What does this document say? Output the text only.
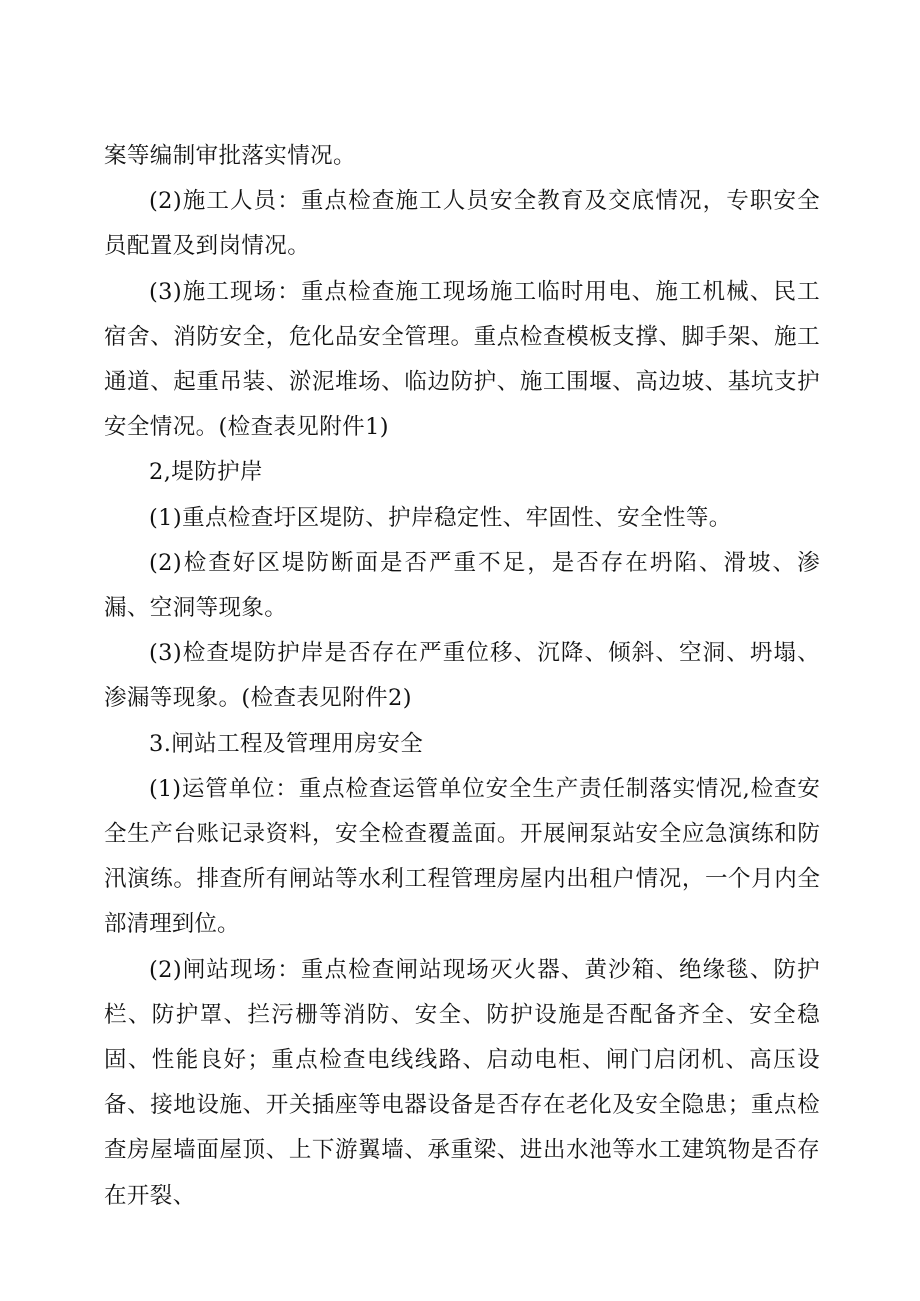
案等编制审批落实情况。

(2)施工人员：重点检查施工人员安全教育及交底情况，专职安全员配置及到岗情况。

(3)施工现场：重点检查施工现场施工临时用电、施工机械、民工宿舍、消防安全，危化品安全管理。重点检查模板支撑、脚手架、施工通道、起重吊装、淤泥堆场、临边防护、施工围堰、高边坡、基坑支护安全情况。(检查表见附件1)

2,堤防护岸

(1)重点检查圩区堤防、护岸稳定性、牢固性、安全性等。

(2)检查好区堤防断面是否严重不足，是否存在坍陷、滑坡、渗漏、空洞等现象。

(3)检查堤防护岸是否存在严重位移、沉降、倾斜、空洞、坍塌、渗漏等现象。(检查表见附件2)

3.闸站工程及管理用房安全

(1)运管单位：重点检查运管单位安全生产责任制落实情况,检查安全生产台账记录资料，安全检查覆盖面。开展闸泵站安全应急演练和防汛演练。排查所有闸站等水利工程管理房屋内出租户情况，一个月内全部清理到位。

(2)闸站现场：重点检查闸站现场灭火器、黄沙箱、绝缘毯、防护栏、防护罩、拦污栅等消防、安全、防护设施是否配备齐全、安全稳固、性能良好；重点检查电线线路、启动电柜、闸门启闭机、高压设备、接地设施、开关插座等电器设备是否存在老化及安全隐患；重点检查房屋墙面屋顶、上下游翼墙、承重梁、进出水池等水工建筑物是否存在开裂、
